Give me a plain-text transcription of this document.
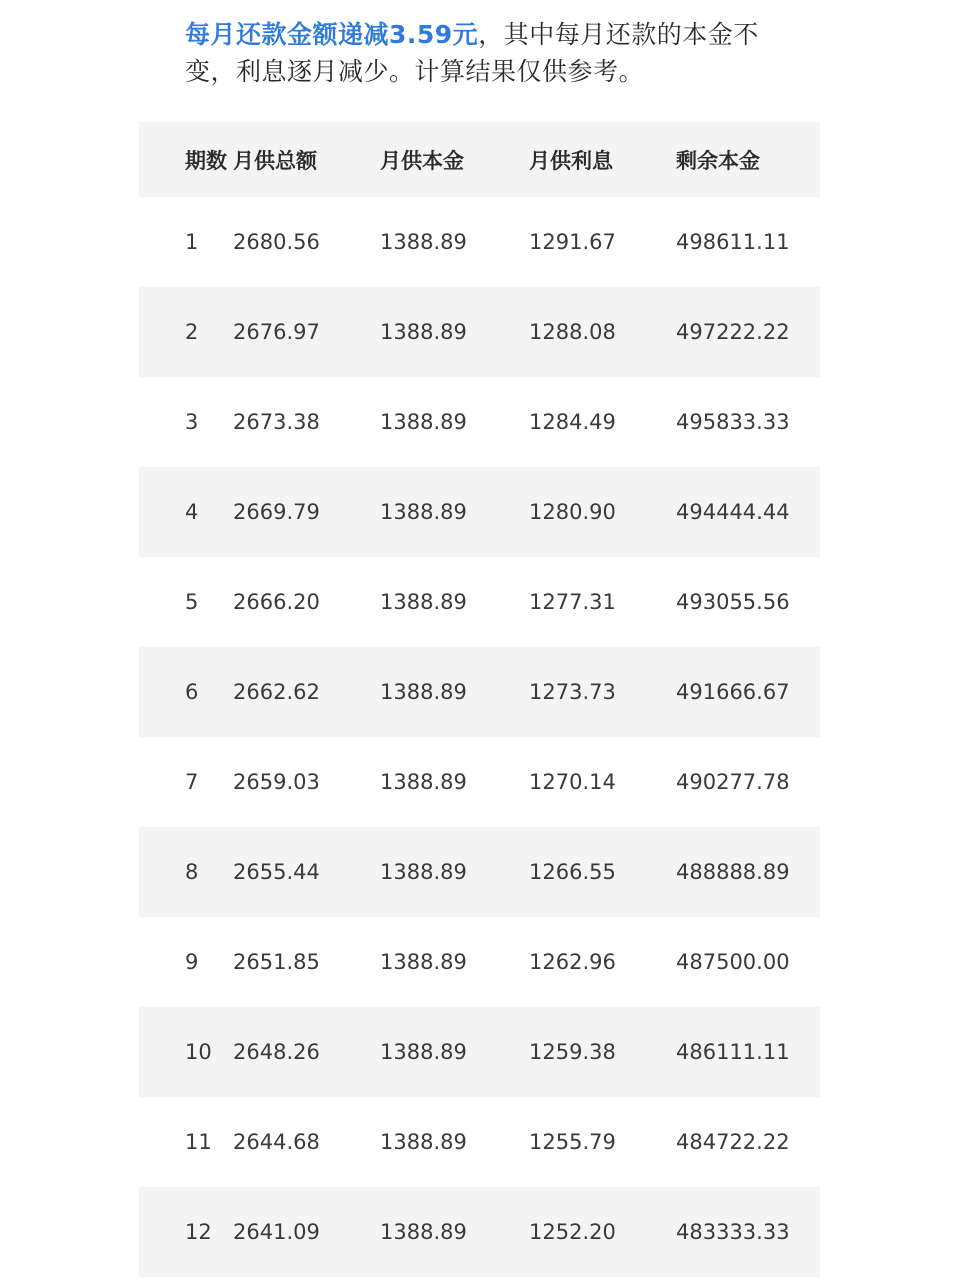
每月还款金额递减3.59元，其中每月还款的本金不变，利息逐月减少。计算结果仅供参考。
期数 月供总额	月供本金	月供利息	剩余本金
1 2680.56	1388.89	1291.67	498611.11
2 2676.97	1388.89	1288.08	497222.22
3 2673.38	1388.89	1284.49	495833.33
4 2669.79	1388.89	1280.90	494444.44
5 2666.20	1388.89	1277.31	493055.56
6 2662.62	1388.89	1273.73	491666.67
7 2659.03	1388.89	1270.14	490277.78
8 2655.44	1388.89	1266.55	488888.89
9 2651.85	1388.89	1262.96	487500.00
10 2648.26	1388.89	1259.38	486111.11
11 2644.68	1388.89	1255.79	484722.22
12 2641.09	1388.89	1252.20	483333.33
